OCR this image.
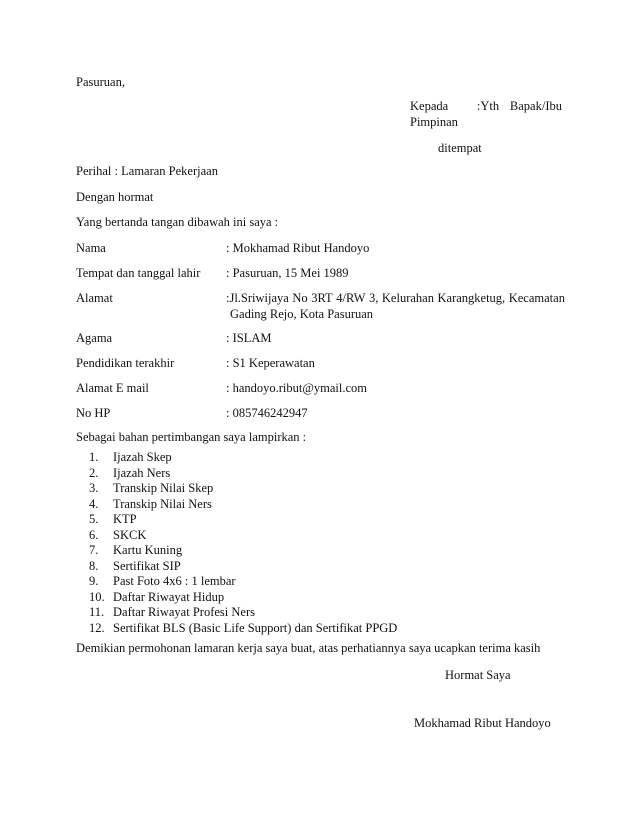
Pasuruan,
Kepada :Yth Bapak/Ibu
Pimpinan
ditempat
Perihal : Lamaran Pekerjaan
Dengan hormat
Yang bertanda tangan dibawah ini saya :
Nama	: Mokhamad Ribut Handoyo
Tempat dan tanggal lahir : Pasuruan, 15 Mei 1989
Alamat	:Jl.Sriwijaya No 3RT 4/RW 3, Kelurahan Karangketug, Kecamatan
Gading Rejo, Kota Pasuruan
Agama	: ISLAM
Pendidikan terakhir	: S1 Keperawatan
Alamat E mail	: handoyo.ribut@ymail.com
No HP	: 085746242947
Sebagai bahan pertimbangan saya lampirkan :
1.	Ijazah Skep
2.	Ijazah Ners
3.	Transkip Nilai Skep
4.	Transkip Nilai Ners
5.	KTP
6.	SKCK
7.	Kartu Kuning
8.	Sertifikat SIP
9.	Past Foto 4x6 : 1 lembar
10. Daftar Riwayat Hidup
11. Daftar Riwayat Profesi Ners
12. Sertifikat BLS (Basic Life Support) dan Sertifikat PPGD
Demikian permohonan lamaran kerja saya buat, atas perhatiannya saya ucapkan terima kasih
Hormat Saya
Mokhamad Ribut Handoyo
